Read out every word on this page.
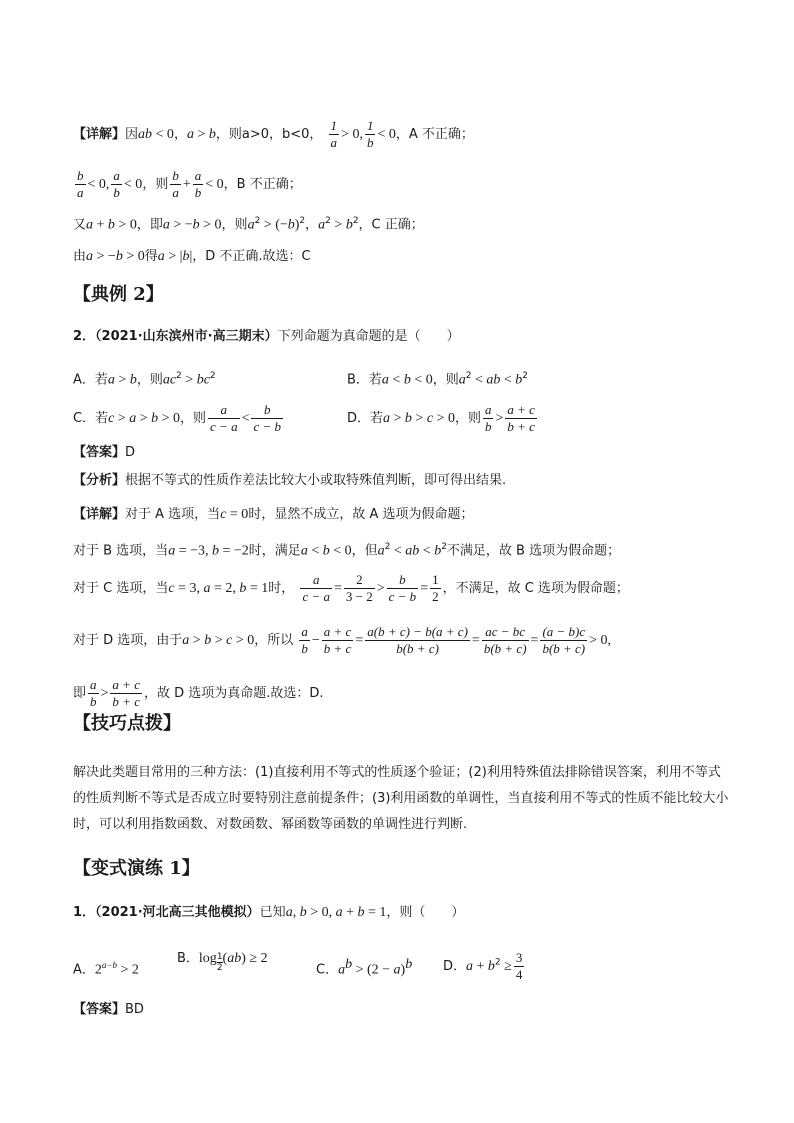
【详解】因ab < 0，a > b，则a>0，b<0， $\frac{1}{a} > 0$, $\frac{1}{b} < 0$，A 不正确；
$\frac{b}{a} < 0$, $\frac{a}{b} < 0$，则 $\frac{b}{a} + \frac{a}{b} < 0$，B 不正确；
又a + b > 0，即a > −b > 0，则$a^2 > (-b)^2$，$a^2 > b^2$，C 正确；
由a > −b > 0得a > |b|，D 不正确.故选：C
【典例 2】
2．（2021·山东滨州市·高三期末）下列命题为真命题的是（　　）
A．若a > b，则$ac^2 > bc^2$	B．若a < b < 0，则$a^2$ < ab < $b^2$
C．若c > a > b > 0，则 $\frac{a}{c - a} < \frac{b}{c - b}$	D．若a > b > c > 0，则 $\frac{a}{b} > \frac{a + c}{b + c}$
【答案】D
【分析】根据不等式的性质作差法比较大小或取特殊值判断，即可得出结果.
【详解】对于 A 选项，当c = 0时，显然不成立，故 A 选项为假命题；
对于 B 选项，当a = −3, b = −2时，满足a < b < 0，但$a^2$ < ab < $b^2$不满足，故 B 选项为假命题；
对于 C 选项，当c = 3, a = 2, b = 1时， $\frac{a}{c - a} = \frac{2}{3 - 2} > \frac{b}{c - b} = \frac{1}{2}$ ，不满足，故 C 选项为假命题；
对于 D 选项，由于a > b > c > 0，所以 $\frac{a}{b} - \frac{a + c}{b + c} = \frac{a(b + c) - b(a + c)}{b(b + c)} = \frac{ac - bc}{b(b + c)} = \frac{(a - b)c}{b(b + c)} > 0$,
即 $\frac{a}{b} > \frac{a + c}{b + c}$ ，故 D 选项为真命题.故选：D.
【技巧点拨】
解决此类题目常用的三种方法：(1)直接利用不等式的性质逐个验证；(2)利用特殊值法排除错误答案，利用不等式的性质判断不等式是否成立时要特别注意前提条件；(3)利用函数的单调性，当直接利用不等式的性质不能比较大小时，可以利用指数函数、对数函数、幂函数等函数的单调性进行判断.
【变式演练 1】
1．（2021·河北高三其他模拟）已知a, b > 0, a + b = 1，则（　　）
A．$2^{a-b} > 2$
B．$\log \frac{1}{2} (ab) \ge 2$
C．$a^b > (2 - a)^b$ D．$a + b^2 \ge \frac{3}{4}$
【答案】BD
